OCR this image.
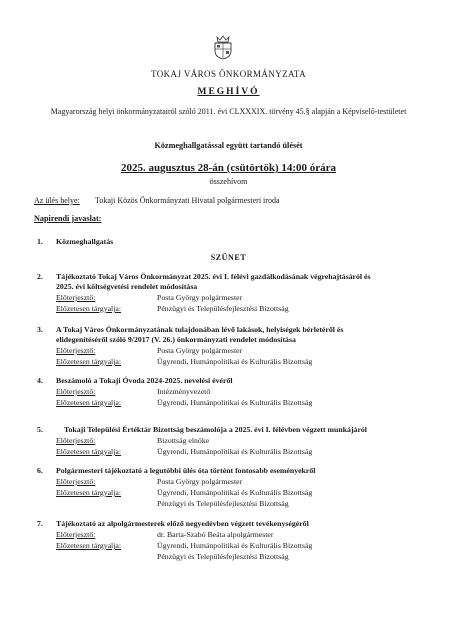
TOKAJ VÁROS ÖNKORMÁNYZATA
MEGHÍVÓ
Magyarország helyi önkormányzatairól szóló 2011. évi CLXXXIX. törvény 45.§ alapján a Képviselő-testületet
Közmeghallgatással együtt tartandó ülését
2025. augusztus 28-án (csütörtök) 14:00 órára
összehívom
Az ülés helye: Tokaji Közös Önkormányzati Hivatal polgármesteri iroda
Napirendi javaslat:
1. Közmeghallgatás
SZÜNET
2. Tájékoztató Tokaj Város Önkormányzat 2025. évi I. félévi gazdálkodásának végrehajtásáról és
2025. évi költségvetési rendelet módosítása
Előterjesztő:	Posta György polgármester
Előzetesen tárgyalja:	Pénzügyi és Településfejlesztési Bizottság
3. A Tokaj Város Önkormányzatának tulajdonában lévő lakások, helyiségek bérletéről és
elidegenítéséről szóló 9/2017 (V. 26.) önkormányzati rendelet módosítása
Előterjesztő:	Posta György polgármester
Előzetesen tárgyalja:	Ügyrendi, Humánpolitikai és Kulturális Bizottság
4. Beszámoló a Tokaji Óvoda 2024-2025. nevelési évéről
Előterjesztő:	Intézményvezető
Előzetesen tárgyalja:	Ügyrendi, Humánpolitikai és Kulturális Bizottság
5.	Tokaji Települési Értéktár Bizottság beszámolója a 2025. évi I. félévben végzett munkájáról
Előterjesztő:	Bizottság elnöke
Előzetesen tárgyalja:	Ügyrendi, Humánpolitikai és Kulturális Bizottság
6. Polgármesteri tájékoztató a legutóbbi ülés óta történt fontosabb eseményekről
Előterjesztő:	Posta György polgármester
Előzetesen tárgyalja:	Ügyrendi, Humánpolitikai és Kulturális Bizottság
Pénzügyi és Településfejlesztési Bizottság
7. Tájékoztató az alpolgármesterek előző negyedévben végzett tevékenységéről
Előterjesztő:	dr. Barta-Szabó Beáta alpolgármester
Előzetesen tárgyalja:	Ügyrendi, Humánpolitikai és Kulturális Bizottság
Pénzügyi és Településfejlesztési Bizottság
